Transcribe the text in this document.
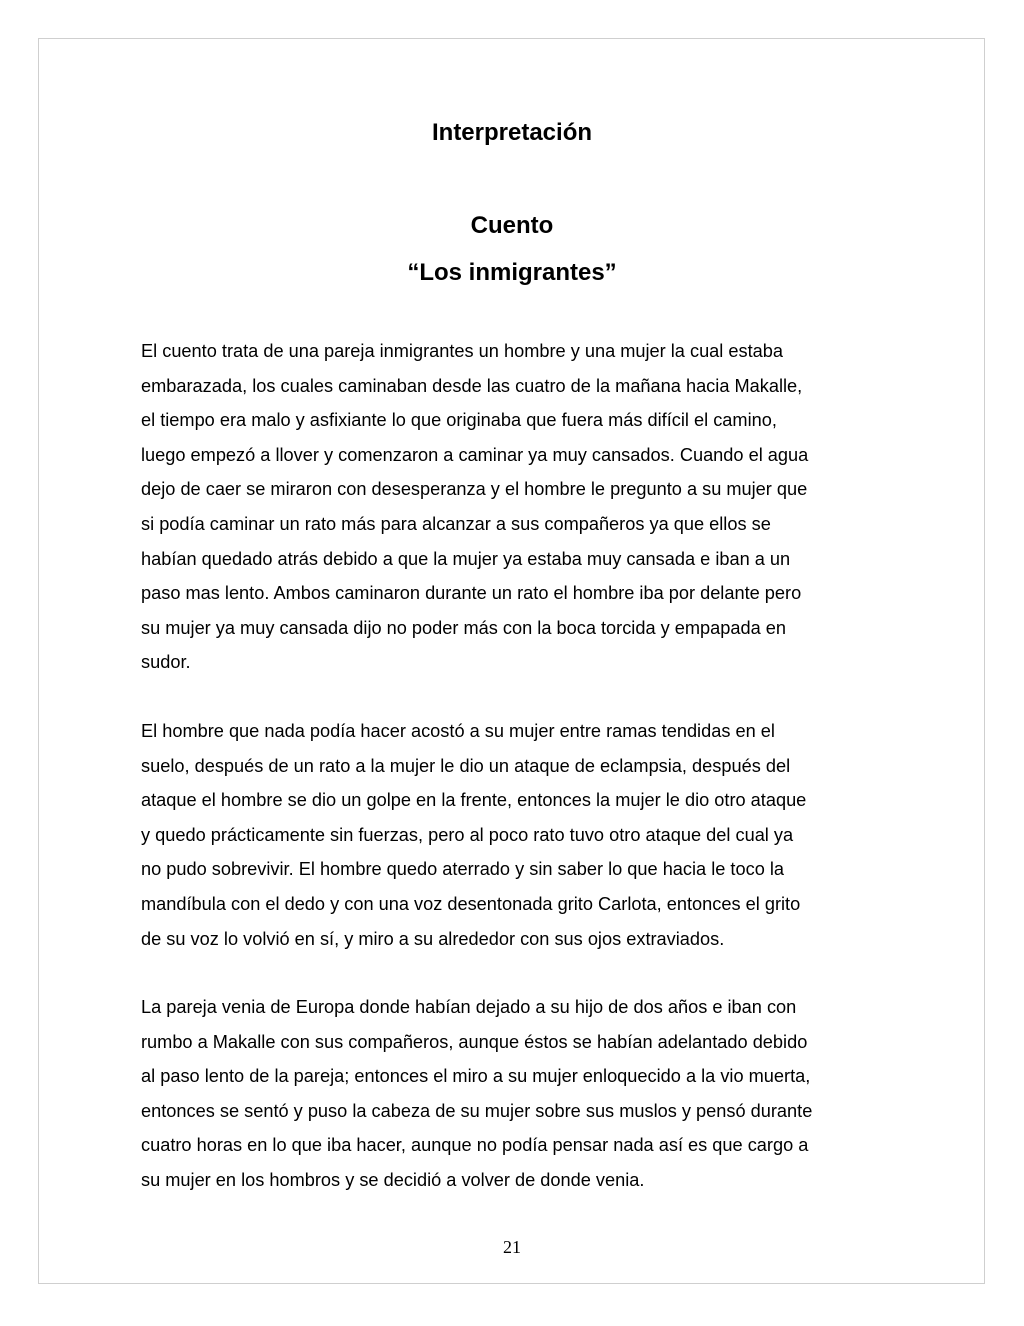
Interpretación
Cuento
“Los inmigrantes”
El cuento trata de una pareja inmigrantes un hombre y una mujer la cual estaba
embarazada, los cuales caminaban desde las cuatro de la mañana hacia Makalle,
el tiempo era malo y asfixiante lo que originaba que fuera más difícil el camino,
luego empezó a llover y comenzaron a caminar ya muy cansados. Cuando el agua
dejo de caer se miraron con desesperanza y el hombre le pregunto a su mujer que
si podía caminar un rato más para alcanzar a sus compañeros ya que ellos se
habían quedado atrás debido a que la mujer ya estaba muy cansada e iban a un
paso mas lento. Ambos caminaron durante un rato el hombre iba por delante pero
su mujer ya muy cansada dijo no poder más con la boca torcida y empapada en
sudor.
El hombre que nada podía hacer acostó a su mujer entre ramas tendidas en el
suelo, después de un rato a la mujer le dio un ataque de eclampsia, después del
ataque el hombre se dio un golpe en la frente, entonces la mujer le dio otro ataque
y quedo prácticamente sin fuerzas, pero al poco rato tuvo otro ataque del cual ya
no pudo sobrevivir. El hombre quedo aterrado y sin saber lo que hacia le toco la
mandíbula con el dedo y con una voz desentonada grito Carlota, entonces el grito
de su voz lo volvió en sí, y miro a su alrededor con sus ojos extraviados.
La pareja venia de Europa donde habían dejado a su hijo de dos años e iban con
rumbo a Makalle con sus compañeros, aunque éstos se habían adelantado debido
al paso lento de la pareja; entonces el miro a su mujer enloquecido a la vio muerta,
entonces se sentó y puso la cabeza de su mujer sobre sus muslos y pensó durante
cuatro horas en lo que iba hacer, aunque no podía pensar nada así es que cargo a
su mujer en los hombros y se decidió a volver de donde venia.
21
